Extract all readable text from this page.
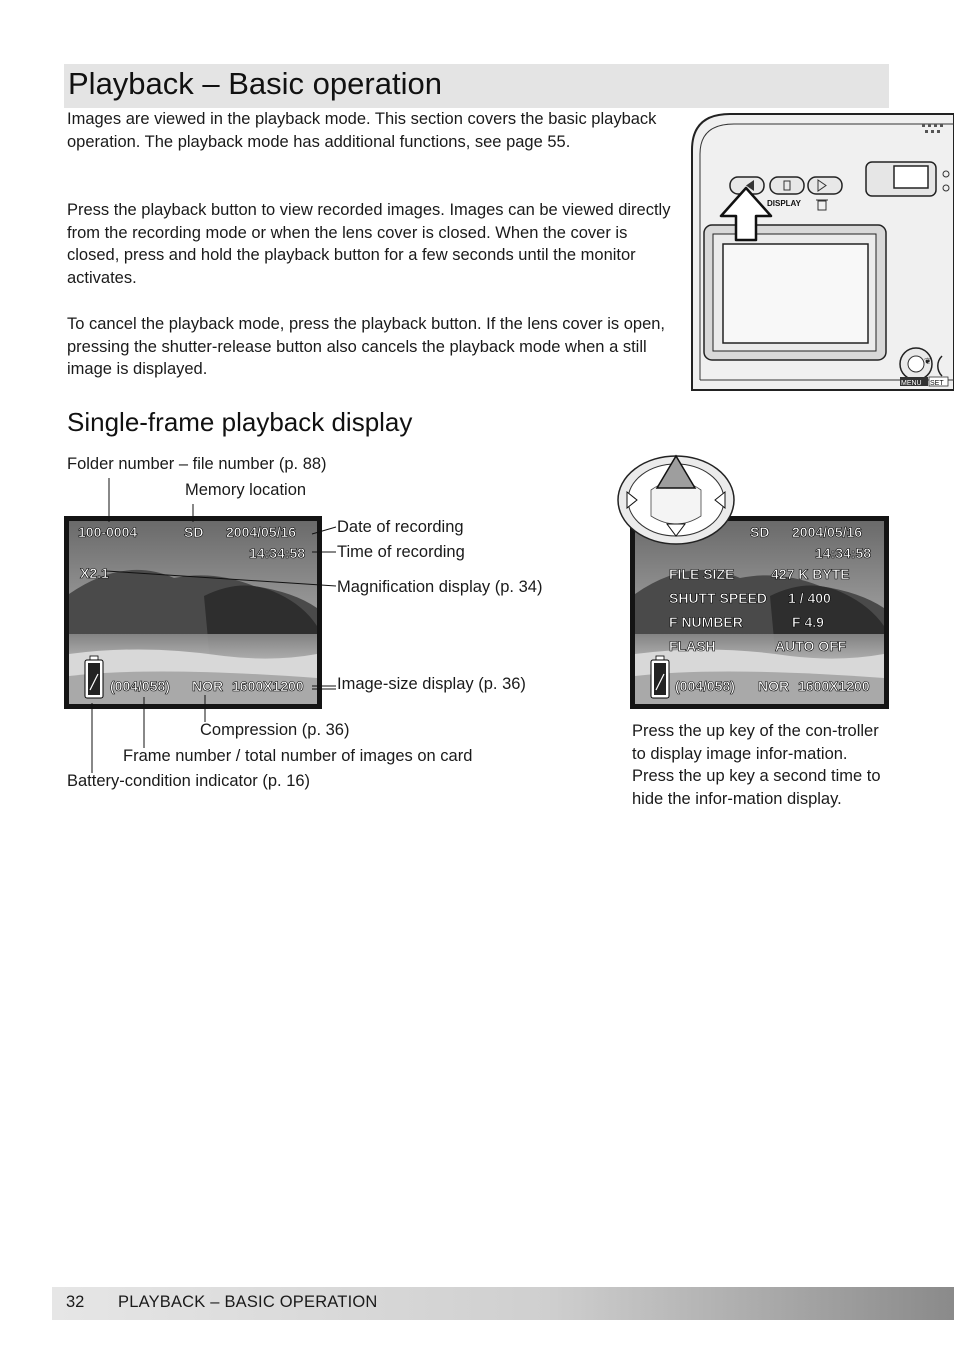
Playback – Basic operation
Images are viewed in the playback mode. This section covers the basic playback operation. The playback mode has additional functions, see page 55.
Press the playback button to view recorded images. Images can be viewed directly from the recording mode or when the lens cover is closed. When the cover is closed, press and hold the playback button for a few seconds until the monitor activates.
To cancel the playback mode, press the playback button. If the lens cover is open, pressing the shutter-release button also cancels the playback mode when a still image is displayed.
DISPLAY
❦
MENU SET
Single-frame playback display
100-0004	SD 2004/05/16
14:34:58
X2.1
(004/058) NOR 1600X1200
Folder number – file number (p. 88)
Memory location
Date of recording
Time of recording
Magnification display (p. 34)
Image-size display (p. 36)
Compression (p. 36)
Frame number / total number of images on card
Battery-condition indicator (p. 16)
SD 2004/05/16
14:34:58
FILE SIZE	427 K BYTE
SHUTT SPEED 1 / 400
F NUMBER	F 4.9
FLASH	AUTO OFF
(004/058) NOR 1600X1200
Press the up key of the con-troller to display image infor-mation. Press the up key a second time to hide the infor-mation display.
32 PLAYBACK – BASIC OPERATION
